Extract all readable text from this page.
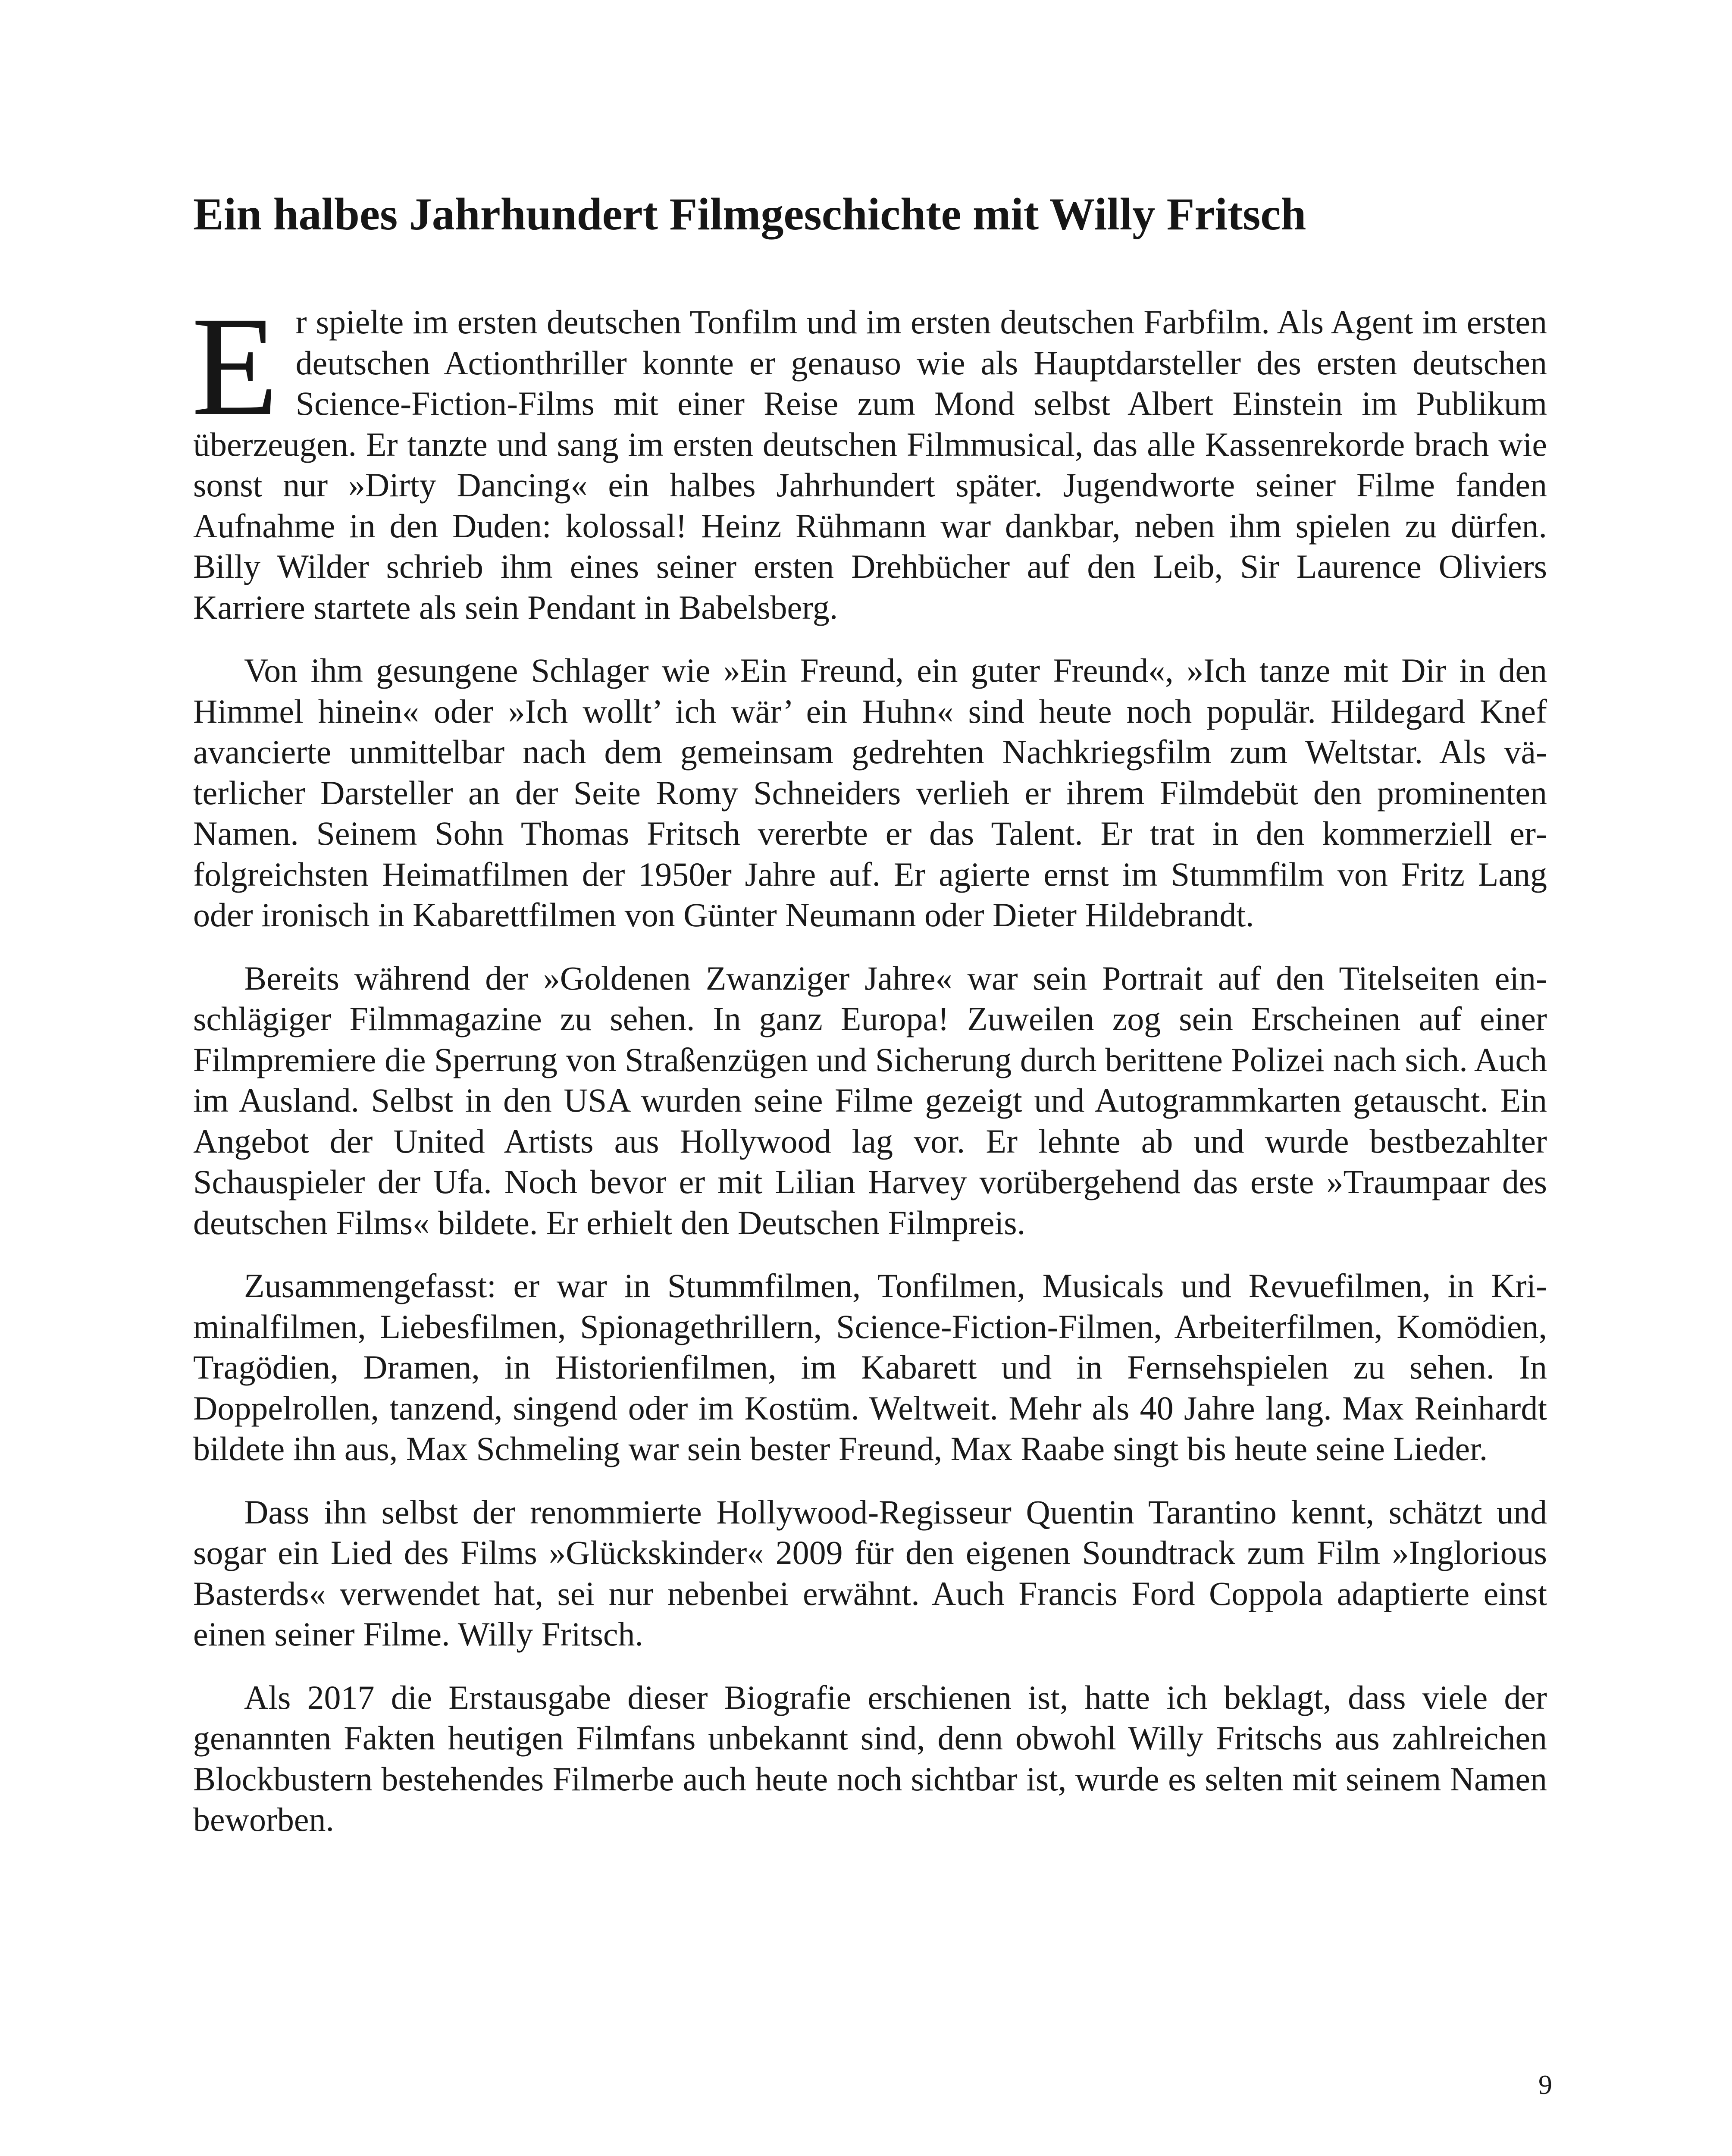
Ein halbes Jahrhundert Filmgeschichte mit Willy Fritsch

Er spielte im ersten deutschen Tonfilm und im ersten deutschen Farbfilm. Als Agent im ersten deutschen Actionthriller konnte er genauso wie als Hauptdarsteller des ersten deutschen Science-Fiction-Films mit einer Reise zum Mond selbst Albert Einstein im Publikum überzeugen. Er tanzte und sang im ersten deutschen Filmmusical, das alle Kassenrekorde brach wie sonst nur »Dirty Dancing« ein halbes Jahrhundert später. Jugendworte seiner Filme fanden Aufnahme in den Duden: kolossal! Heinz Rühmann war dankbar, neben ihm spielen zu dürfen. Billy Wilder schrieb ihm eines seiner ersten Drehbücher auf den Leib, Sir Laurence Oliviers Karriere startete als sein Pendant in Babelsberg.

Von ihm gesungene Schlager wie »Ein Freund, ein guter Freund«, »Ich tanze mit Dir in den Himmel hinein« oder »Ich wollt’ ich wär’ ein Huhn« sind heute noch populär. Hildegard Knef avancierte unmittelbar nach dem gemeinsam gedrehten Nachkriegsfilm zum Weltstar. Als väterlicher Darsteller an der Seite Romy Schneiders verlieh er ihrem Filmdebüt den prominenten Namen. Seinem Sohn Thomas Fritsch vererbte er das Talent. Er trat in den kommerziell erfolgreichsten Heimatfilmen der 1950er Jahre auf. Er agierte ernst im Stummfilm von Fritz Lang oder ironisch in Kabarettfilmen von Günter Neumann oder Dieter Hildebrandt.

Bereits während der »Goldenen Zwanziger Jahre« war sein Portrait auf den Titelseiten einschlägiger Filmmagazine zu sehen. In ganz Europa! Zuweilen zog sein Erscheinen auf einer Filmpremiere die Sperrung von Straßenzügen und Sicherung durch berittene Polizei nach sich. Auch im Ausland. Selbst in den USA wurden seine Filme gezeigt und Autogrammkarten getauscht. Ein Angebot der United Artists aus Hollywood lag vor. Er lehnte ab und wurde bestbezahlter Schauspieler der Ufa. Noch bevor er mit Lilian Harvey vorübergehend das erste »Traumpaar des deutschen Films« bildete. Er erhielt den Deutschen Filmpreis.

Zusammengefasst: er war in Stummfilmen, Tonfilmen, Musicals und Revuefilmen, in Kriminalfilmen, Liebesfilmen, Spionagethrillern, Science-Fiction-Filmen, Arbeiterfilmen, Komödien, Tragödien, Dramen, in Historienfilmen, im Kabarett und in Fernsehspielen zu sehen. In Doppelrollen, tanzend, singend oder im Kostüm. Weltweit. Mehr als 40 Jahre lang. Max Reinhardt bildete ihn aus, Max Schmeling war sein bester Freund, Max Raabe singt bis heute seine Lieder.

Dass ihn selbst der renommierte Hollywood-Regisseur Quentin Tarantino kennt, schätzt und sogar ein Lied des Films »Glückskinder« 2009 für den eigenen Soundtrack zum Film »Inglorious Basterds« verwendet hat, sei nur nebenbei erwähnt. Auch Francis Ford Coppola adaptierte einst einen seiner Filme. Willy Fritsch.

Als 2017 die Erstausgabe dieser Biografie erschienen ist, hatte ich beklagt, dass viele der genannten Fakten heutigen Filmfans unbekannt sind, denn obwohl Willy Fritschs aus zahlreichen Blockbustern bestehendes Filmerbe auch heute noch sichtbar ist, wurde es selten mit seinem Namen beworben.

9
